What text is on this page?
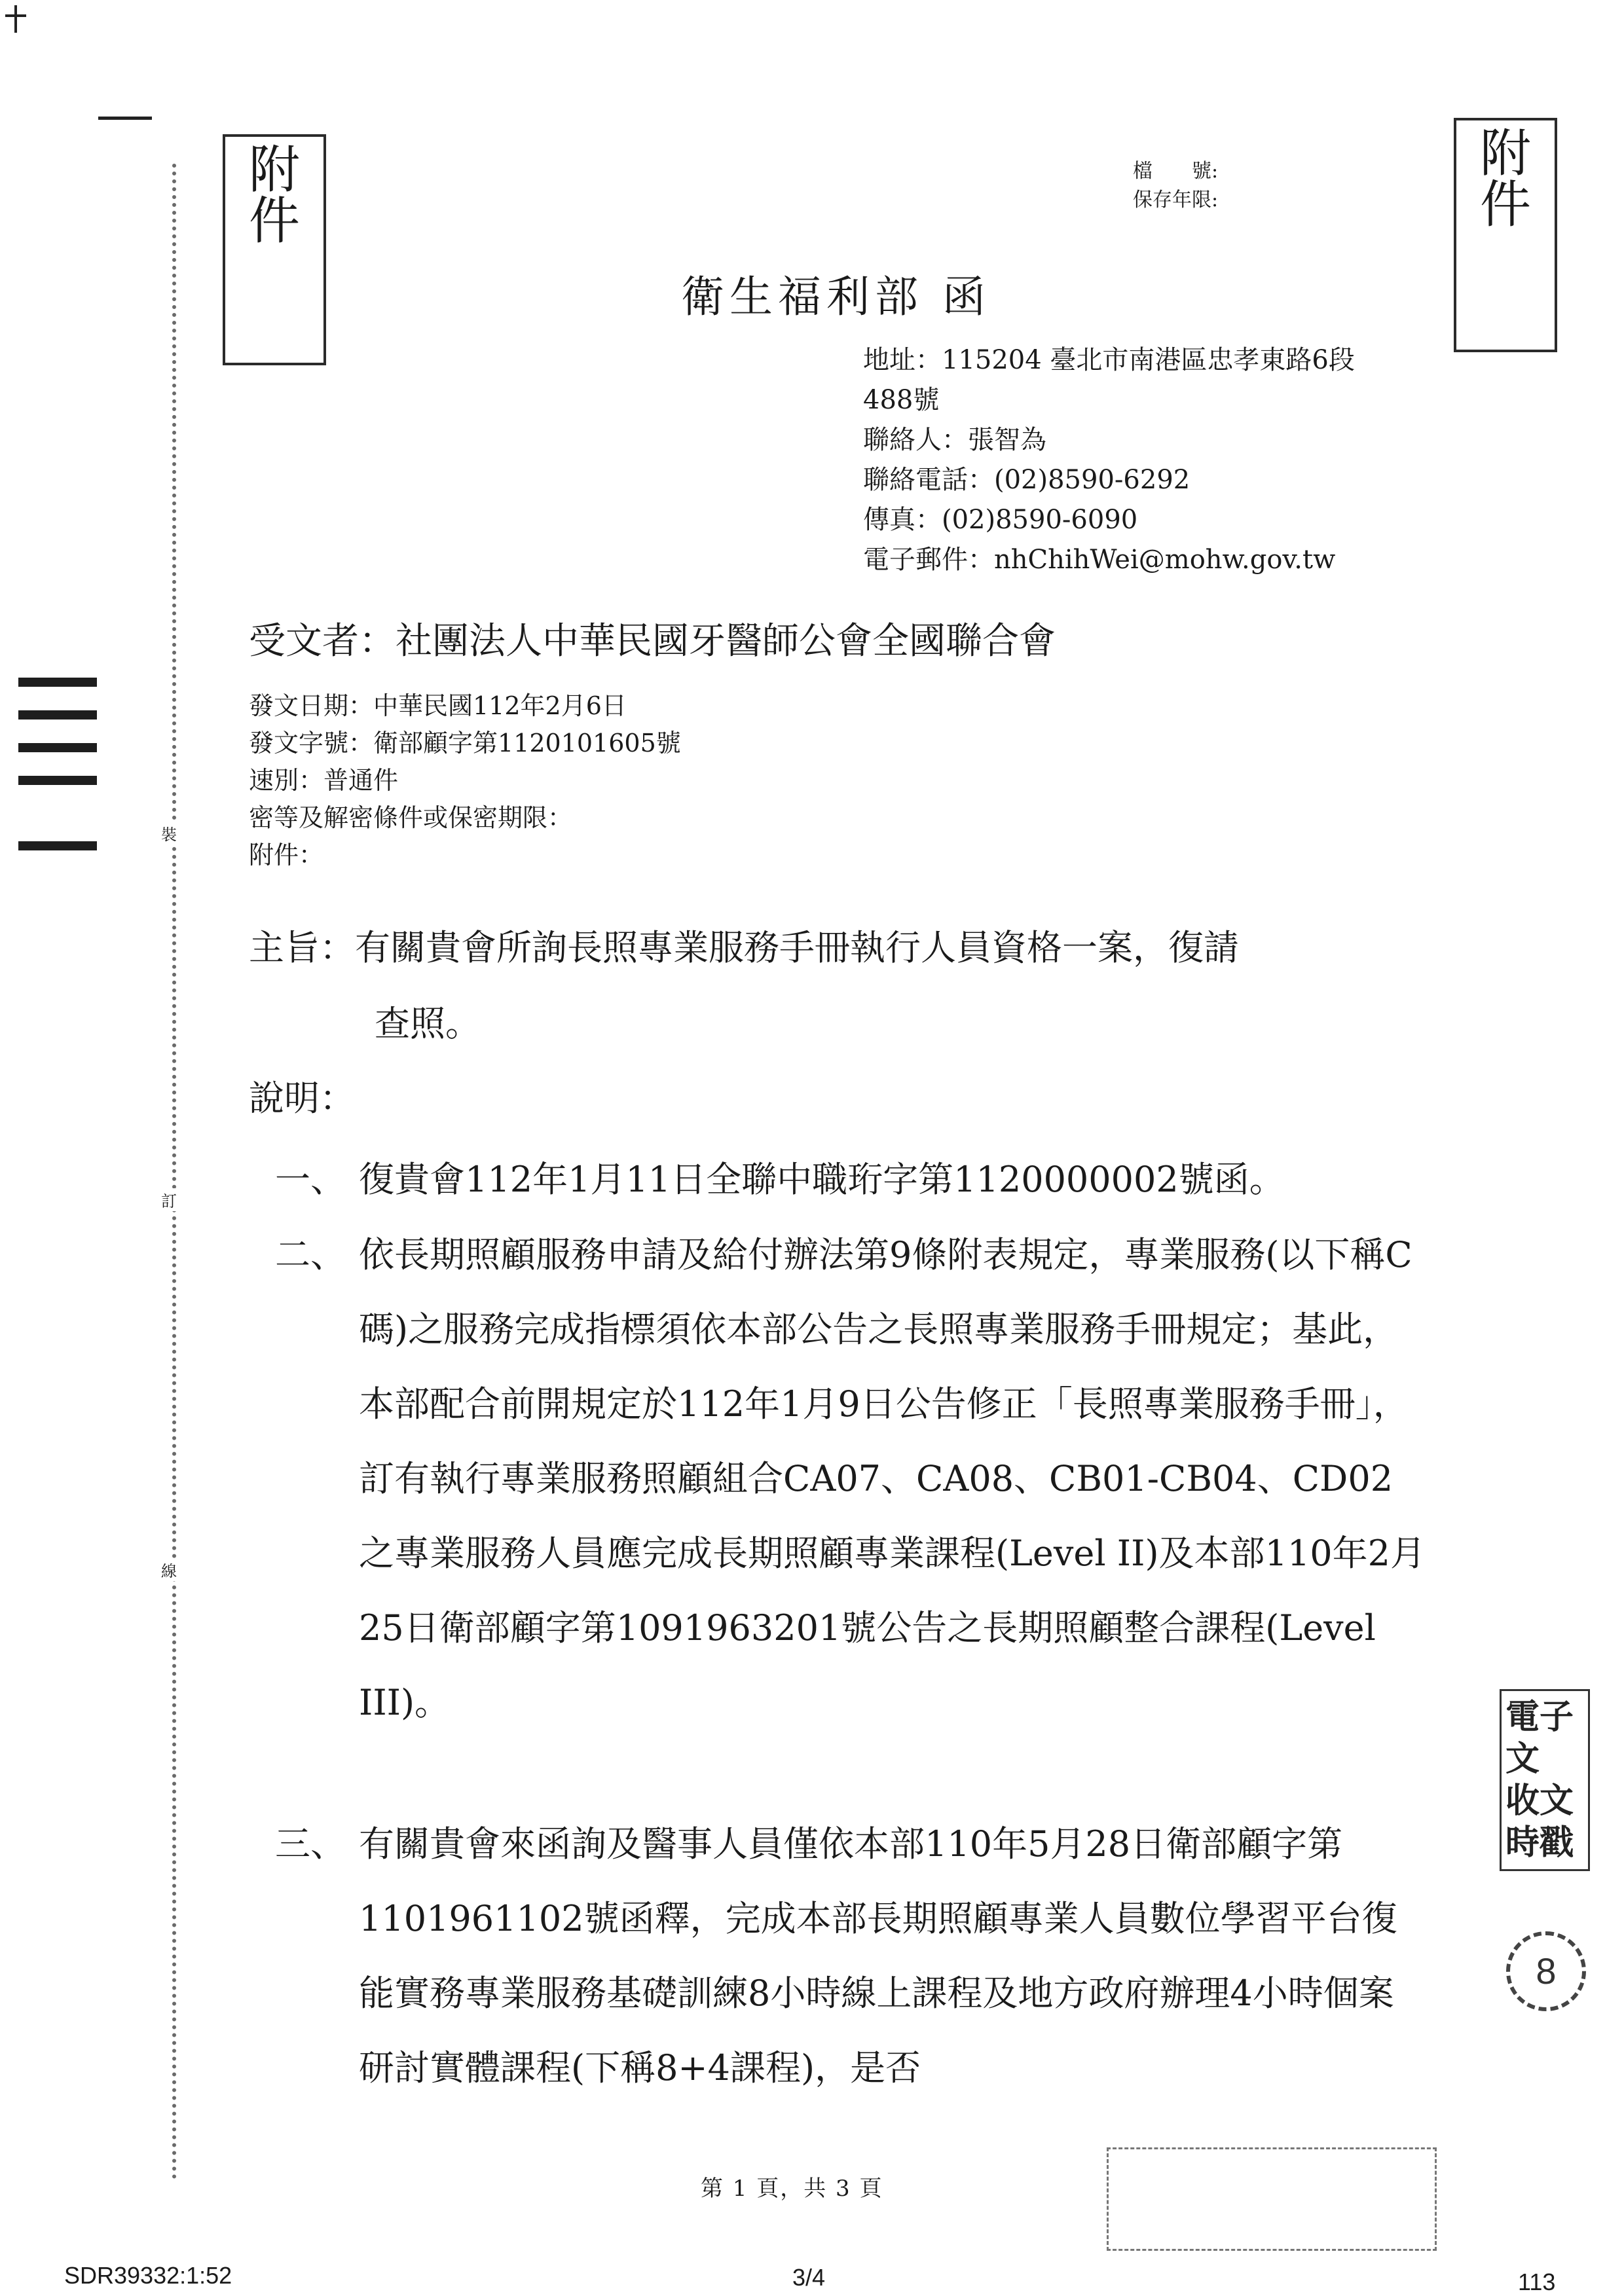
附件
附件
檔　　號:
保存年限:
衛生福利部 函
地址：115204 臺北市南港區忠孝東路6段
488號
聯絡人：張智為
聯絡電話：(02)8590-6292
傳真：(02)8590-6090
電子郵件：nhChihWei@mohw.gov.tw
受文者：社團法人中華民國牙醫師公會全國聯合會
裝
訂
線
發文日期：中華民國112年2月6日
發文字號：衛部顧字第1120101605號
速別：普通件
密等及解密條件或保密期限：
附件：
主旨：有關貴會所詢長照專業服務手冊執行人員資格一案，復請
查照。
說明：
一、 復貴會112年1月11日全聯中職珩字第1120000002號函。
二、 依長期照顧服務申請及給付辦法第9條附表規定，專業服務(以下稱C碼)之服務完成指標須依本部公告之長照專業服務手冊規定；基此，本部配合前開規定於112年1月9日公告修正「長照專業服務手冊」，訂有執行專業服務照顧組合CA07、CA08、CB01-CB04、CD02之專業服務人員應完成長期照顧專業課程(Level II)及本部110年2月25日衛部顧字第1091963201號公告之長期照顧整合課程(Level III)。
三、 有關貴會來函詢及醫事人員僅依本部110年5月28日衛部顧字第1101961102號函釋，完成本部長期照顧專業人員數位學習平台復能實務專業服務基礎訓練8小時線上課程及地方政府辦理4小時個案研討實體課程(下稱8+4課程)，是否
電子文
收文
時戳
8
第 1 頁，共 3 頁
SDR39332:1:52	3/4	113
